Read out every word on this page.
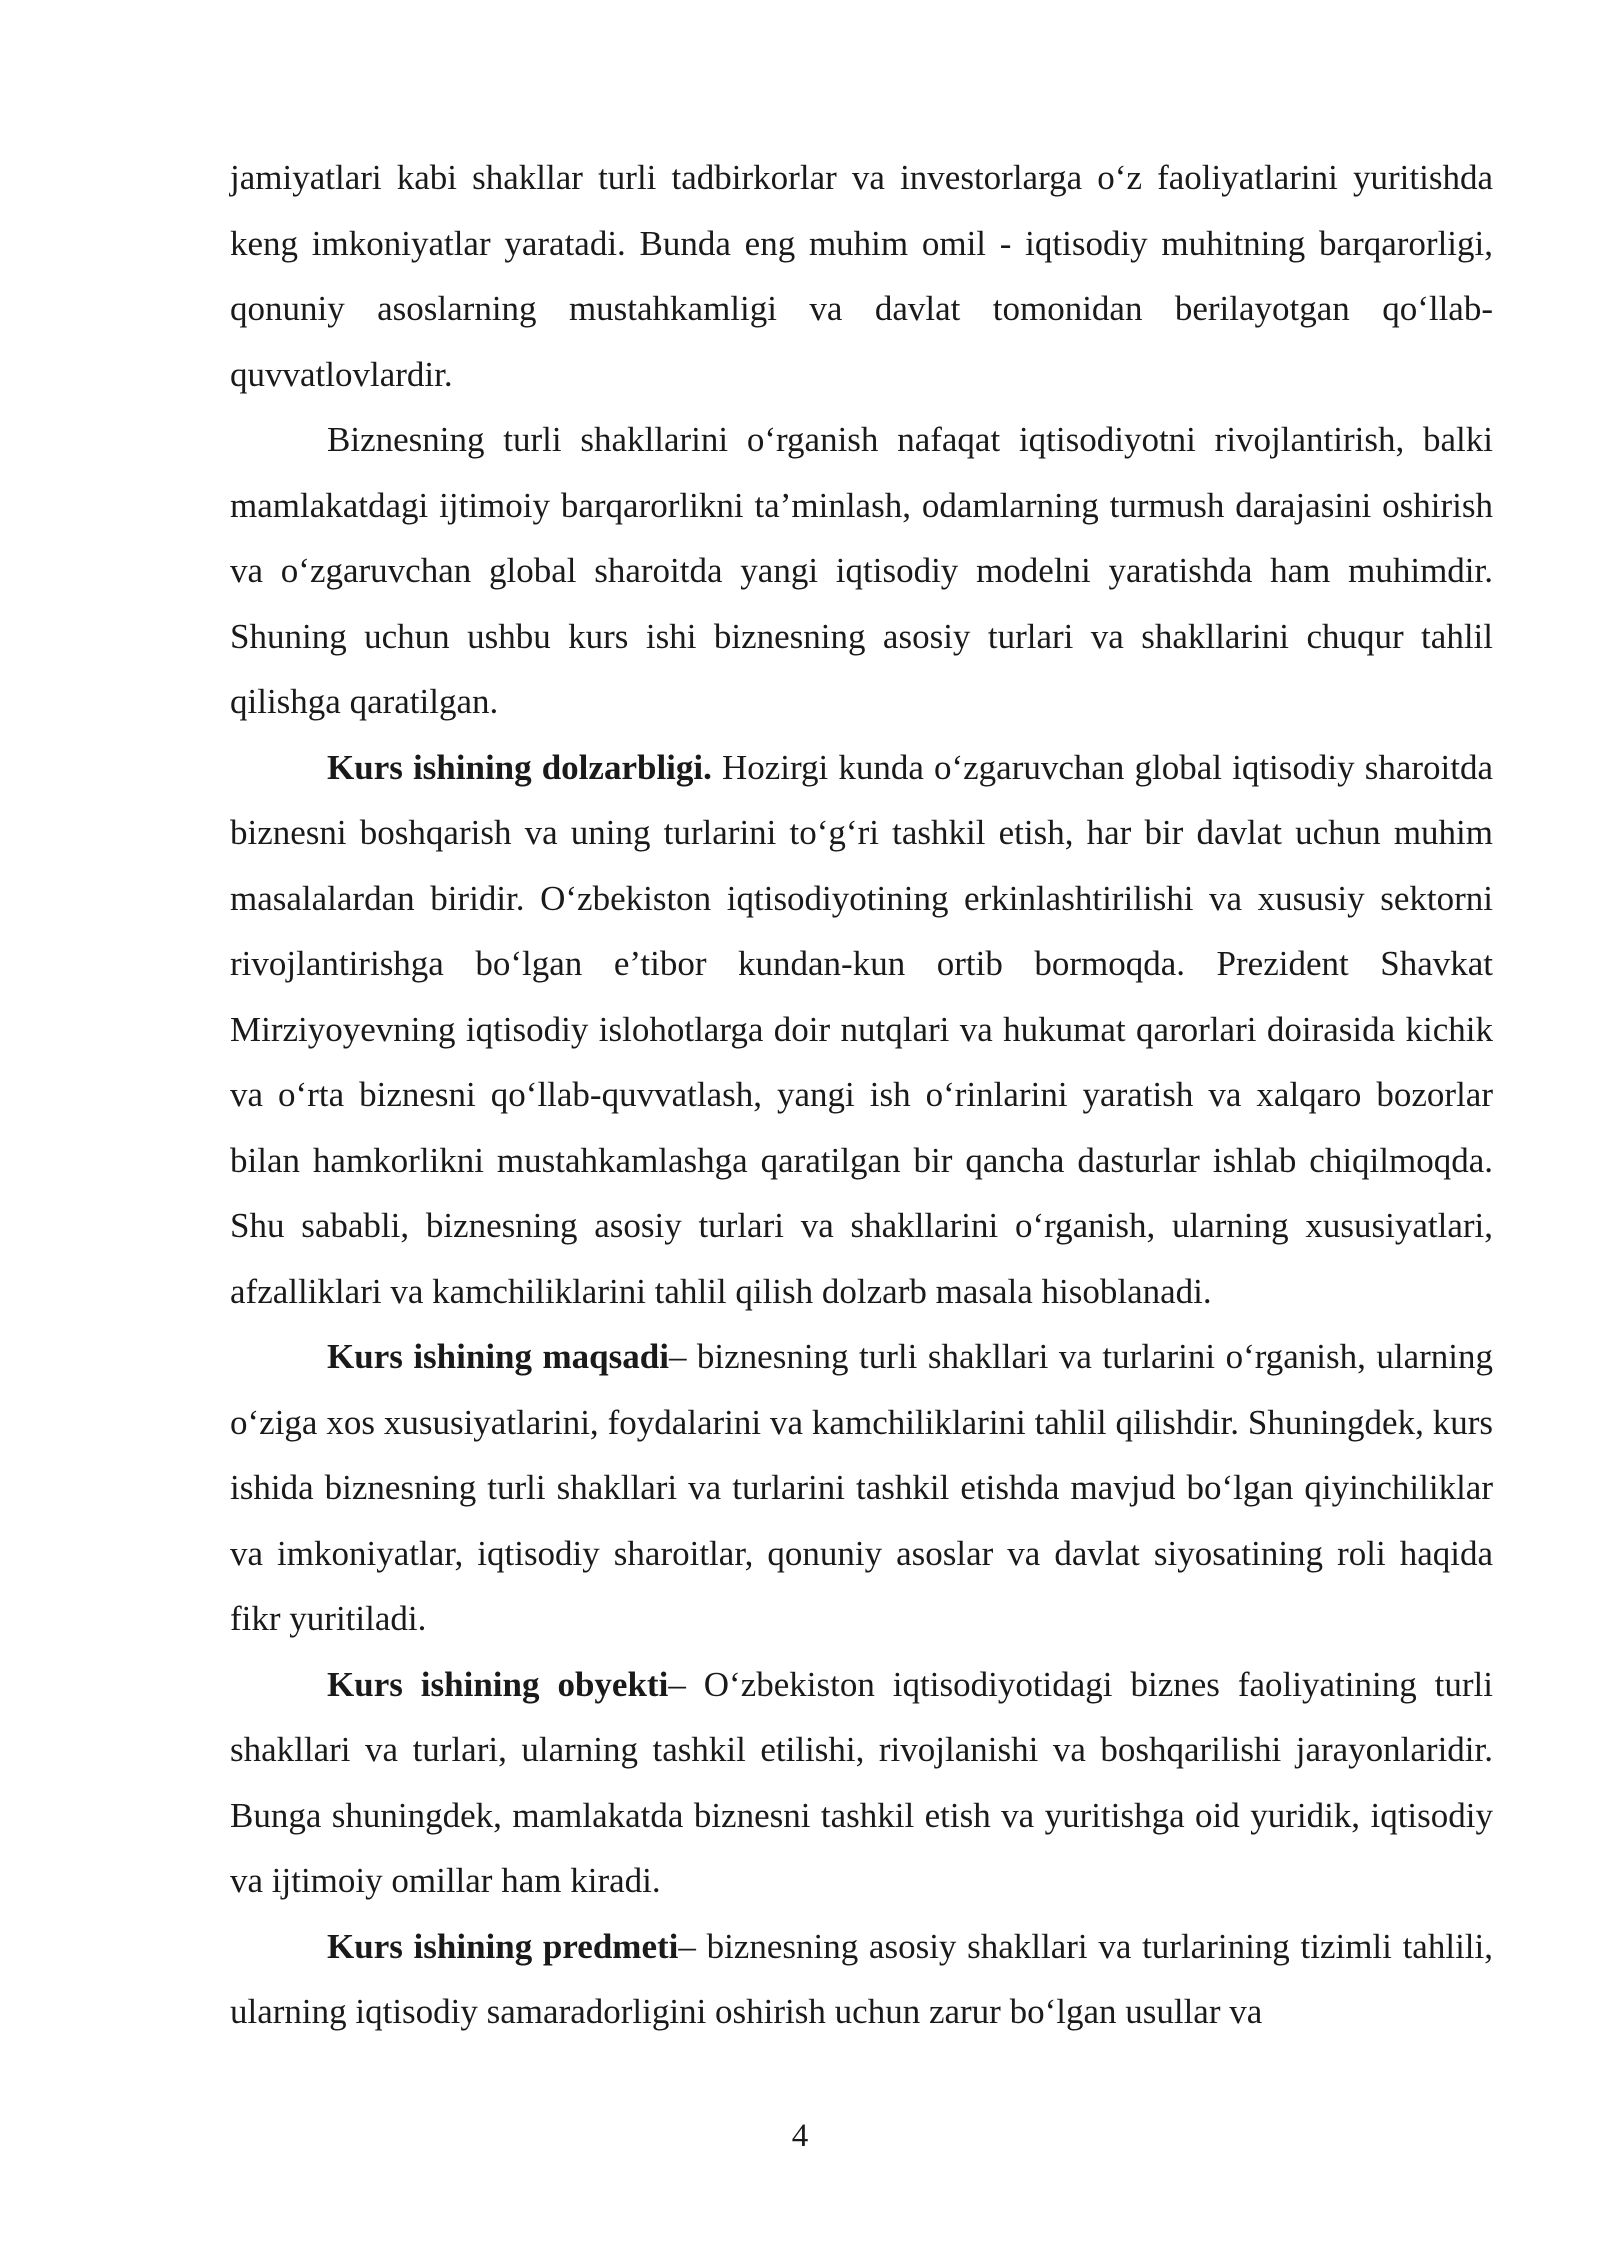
jamiyatlari kabi shakllar turli tadbirkorlar va investorlarga o‘z faoliyatlarini yuritishda keng imkoniyatlar yaratadi. Bunda eng muhim omil - iqtisodiy muhitning barqarorligi, qonuniy asoslarning mustahkamligi va davlat tomonidan berilayotgan qo‘llab-quvvatlovlardir.

Biznesning turli shakllarini o‘rganish nafaqat iqtisodiyotni rivojlantirish, balki mamlakatdagi ijtimoiy barqarorlikni ta’minlash, odamlarning turmush darajasini oshirish va o‘zgaruvchan global sharoitda yangi iqtisodiy modelni yaratishda ham muhimdir. Shuning uchun ushbu kurs ishi biznesning asosiy turlari va shakllarini chuqur tahlil qilishga qaratilgan.

Kurs ishining dolzarbligi. Hozirgi kunda o‘zgaruvchan global iqtisodiy sharoitda biznesni boshqarish va uning turlarini to‘g‘ri tashkil etish, har bir davlat uchun muhim masalalardan biridir. O‘zbekiston iqtisodiyotining erkinlashtirilishi va xususiy sektorni rivojlantirishga bo‘lgan e’tibor kundan-kun ortib bormoqda. Prezident Shavkat Mirziyoyevning iqtisodiy islohotlarga doir nutqlari va hukumat qarorlari doirasida kichik va o‘rta biznesni qo‘llab-quvvatlash, yangi ish o‘rinlarini yaratish va xalqaro bozorlar bilan hamkorlikni mustahkamlashga qaratilgan bir qancha dasturlar ishlab chiqilmoqda. Shu sababli, biznesning asosiy turlari va shakllarini o‘rganish, ularning xususiyatlari, afzalliklari va kamchiliklarini tahlil qilish dolzarb masala hisoblanadi.

Kurs ishining maqsadi– biznesning turli shakllari va turlarini o‘rganish, ularning o‘ziga xos xususiyatlarini, foydalarini va kamchiliklarini tahlil qilishdir. Shuningdek, kurs ishida biznesning turli shakllari va turlarini tashkil etishda mavjud bo‘lgan qiyinchiliklar va imkoniyatlar, iqtisodiy sharoitlar, qonuniy asoslar va davlat siyosatining roli haqida fikr yuritiladi.

Kurs ishining obyekti– O‘zbekiston iqtisodiyotidagi biznes faoliyatining turli shakllari va turlari, ularning tashkil etilishi, rivojlanishi va boshqarilishi jarayonlaridir. Bunga shuningdek, mamlakatda biznesni tashkil etish va yuritishga oid yuridik, iqtisodiy va ijtimoiy omillar ham kiradi.

Kurs ishining predmeti– biznesning asosiy shakllari va turlarining tizimli tahlili, ularning iqtisodiy samaradorligini oshirish uchun zarur bo‘lgan usullar va

4
